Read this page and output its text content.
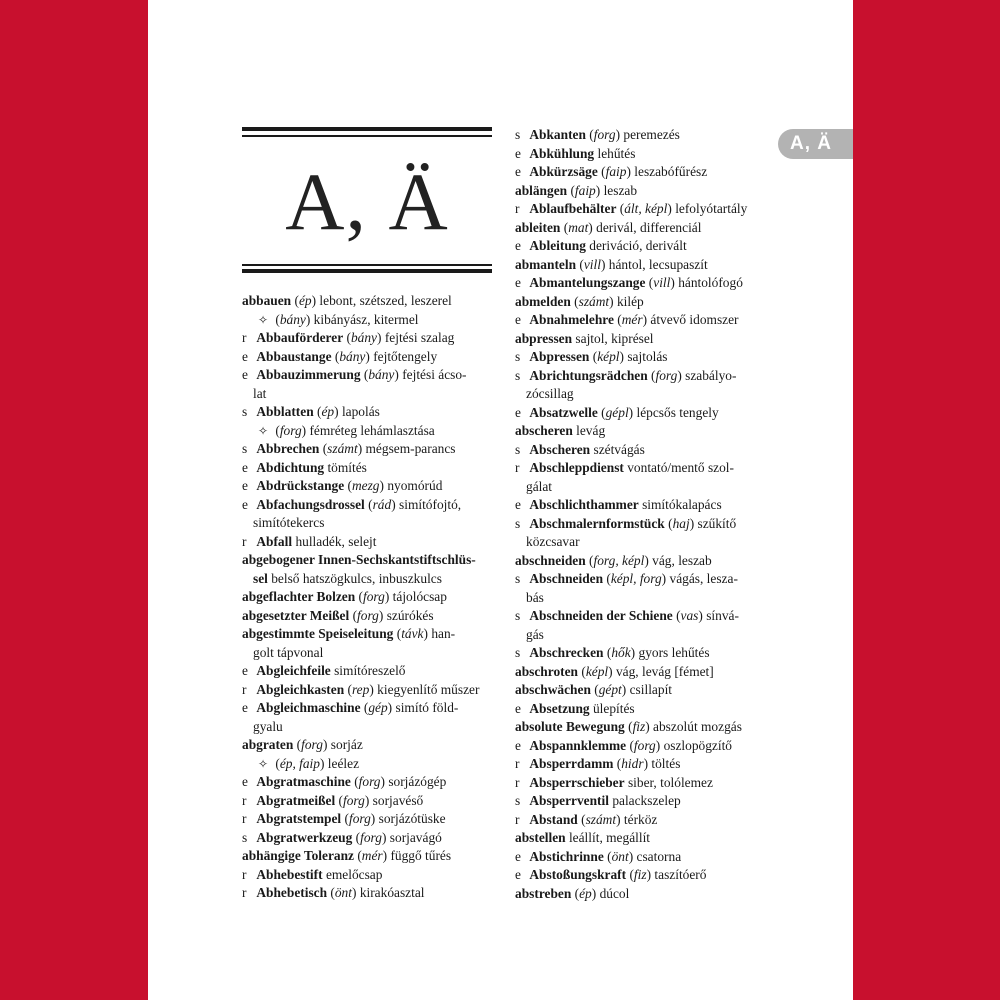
A, Ä
A, Ä
abbauen (ép) lebont, szétszed, leszerel
✧ (bány) kibányász, kitermel
r Abbauförderer (bány) fejtési szalag
e Abbaustange (bány) fejtőtengely
e Abbauzimmerung (bány) fejtési ácso-
lat
s Abblatten (ép) lapolás
✧ (forg) fémréteg lehámlasztása
s Abbrechen (számt) mégsem-parancs
e Abdichtung tömítés
e Abdrückstange (mezg) nyomórúd
e Abfachungsdrossel (rád) simítófojtó,
simítótekercs
r Abfall hulladék, selejt
abgebogener Innen-Sechskantstiftschlüs-
sel belső hatszögkulcs, inbuszkulcs
abgeflachter Bolzen (forg) tájolócsap
abgesetzter Meißel (forg) szúrókés
abgestimmte Speiseleitung (távk) han-
golt tápvonal
e Abgleichfeile simítóreszelő
r Abgleichkasten (rep) kiegyenlítő műszer
e Abgleichmaschine (gép) simító föld-
gyalu
abgraten (forg) sorjáz
✧ (ép, faip) leélez
e Abgratmaschine (forg) sorjázógép
r Abgratmeißel (forg) sorjavéső
r Abgratstempel (forg) sorjázótüske
s Abgratwerkzeug (forg) sorjavágó
abhängige Toleranz (mér) függő tűrés
r Abhebestift emelőcsap
r Abhebetisch (önt) kirakóasztal
s Abkanten (forg) peremezés
e Abkühlung lehűtés
e Abkürzsäge (faip) leszabófűrész
ablängen (faip) leszab
r Ablaufbehälter (ált, képl) lefolyótartály
ableiten (mat) derivál, differenciál
e Ableitung deriváció, derivált
abmanteln (vill) hántol, lecsupaszít
e Abmantelungszange (vill) hántolófogó
abmelden (számt) kilép
e Abnahmelehre (mér) átvevő idomszer
abpressen sajtol, kiprésel
s Abpressen (képl) sajtolás
s Abrichtungsrädchen (forg) szabályo-
zócsillag
e Absatzwelle (gépl) lépcsős tengely
abscheren levág
s Abscheren szétvágás
r Abschleppdienst vontató/mentő szol-
gálat
e Abschlichthammer simítókalapács
s Abschmalernformstück (haj) szűkítő
közcsavar
abschneiden (forg, képl) vág, leszab
s Abschneiden (képl, forg) vágás, lesza-
bás
s Abschneiden der Schiene (vas) sínvá-
gás
s Abschrecken (hők) gyors lehűtés
abschroten (képl) vág, levág [fémet]
abschwächen (gépt) csillapít
e Absetzung ülepítés
absolute Bewegung (fiz) abszolút mozgás
e Abspannklemme (forg) oszlopögzítő
r Absperrdamm (hidr) töltés
r Absperrschieber siber, tolólemez
s Absperrventil palackszelep
r Abstand (számt) térköz
abstellen leállít, megállít
e Abstichrinne (önt) csatorna
e Abstoßungskraft (fiz) taszítóerő
abstreben (ép) dúcol
